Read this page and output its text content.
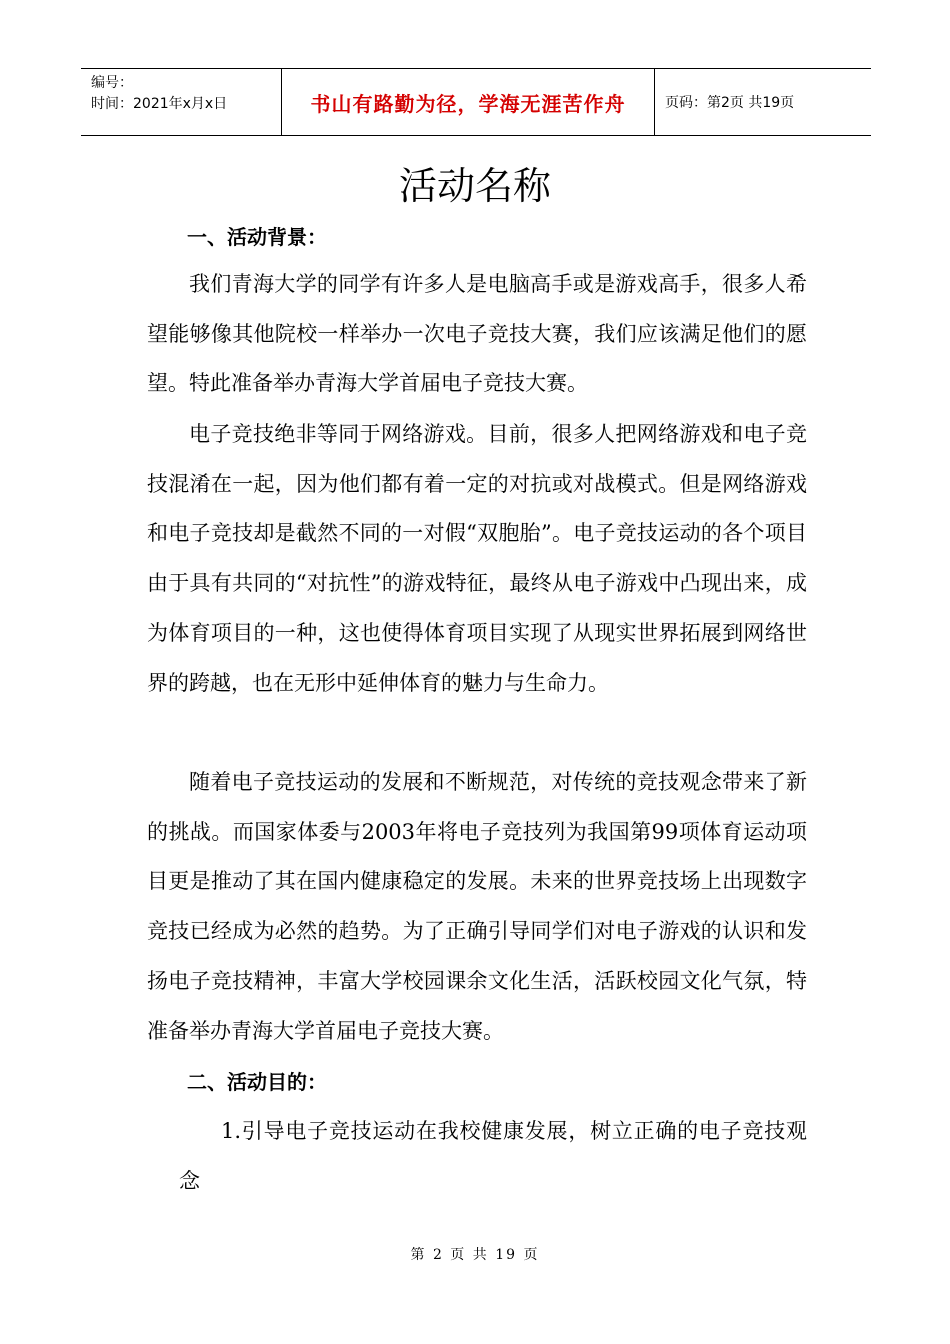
编号：
时间：2021年x月x日	书山有路勤为径，学海无涯苦作舟	页码：第2页 共19页
活动名称
一、活动背景：
我们青海大学的同学有许多人是电脑高手或是游戏高手，很多人希望能够像其他院校一样举办一次电子竞技大赛，我们应该满足他们的愿望。特此准备举办青海大学首届电子竞技大赛。
电子竞技绝非等同于网络游戏。目前，很多人把网络游戏和电子竞技混淆在一起，因为他们都有着一定的对抗或对战模式。但是网络游戏和电子竞技却是截然不同的一对假“双胞胎”。电子竞技运动的各个项目由于具有共同的“对抗性”的游戏特征，最终从电子游戏中凸现出来，成为体育项目的一种，这也使得体育项目实现了从现实世界拓展到网络世界的跨越，也在无形中延伸体育的魅力与生命力。
随着电子竞技运动的发展和不断规范，对传统的竞技观念带来了新的挑战。而国家体委与2003年将电子竞技列为我国第99项体育运动项目更是推动了其在国内健康稳定的发展。未来的世界竞技场上出现数字竞技已经成为必然的趋势。为了正确引导同学们对电子游戏的认识和发扬电子竞技精神，丰富大学校园课余文化生活，活跃校园文化气氛，特准备举办青海大学首届电子竞技大赛。
二、活动目的：
1.引导电子竞技运动在我校健康发展，树立正确的电子竞技观念
第 2 页 共 19 页
